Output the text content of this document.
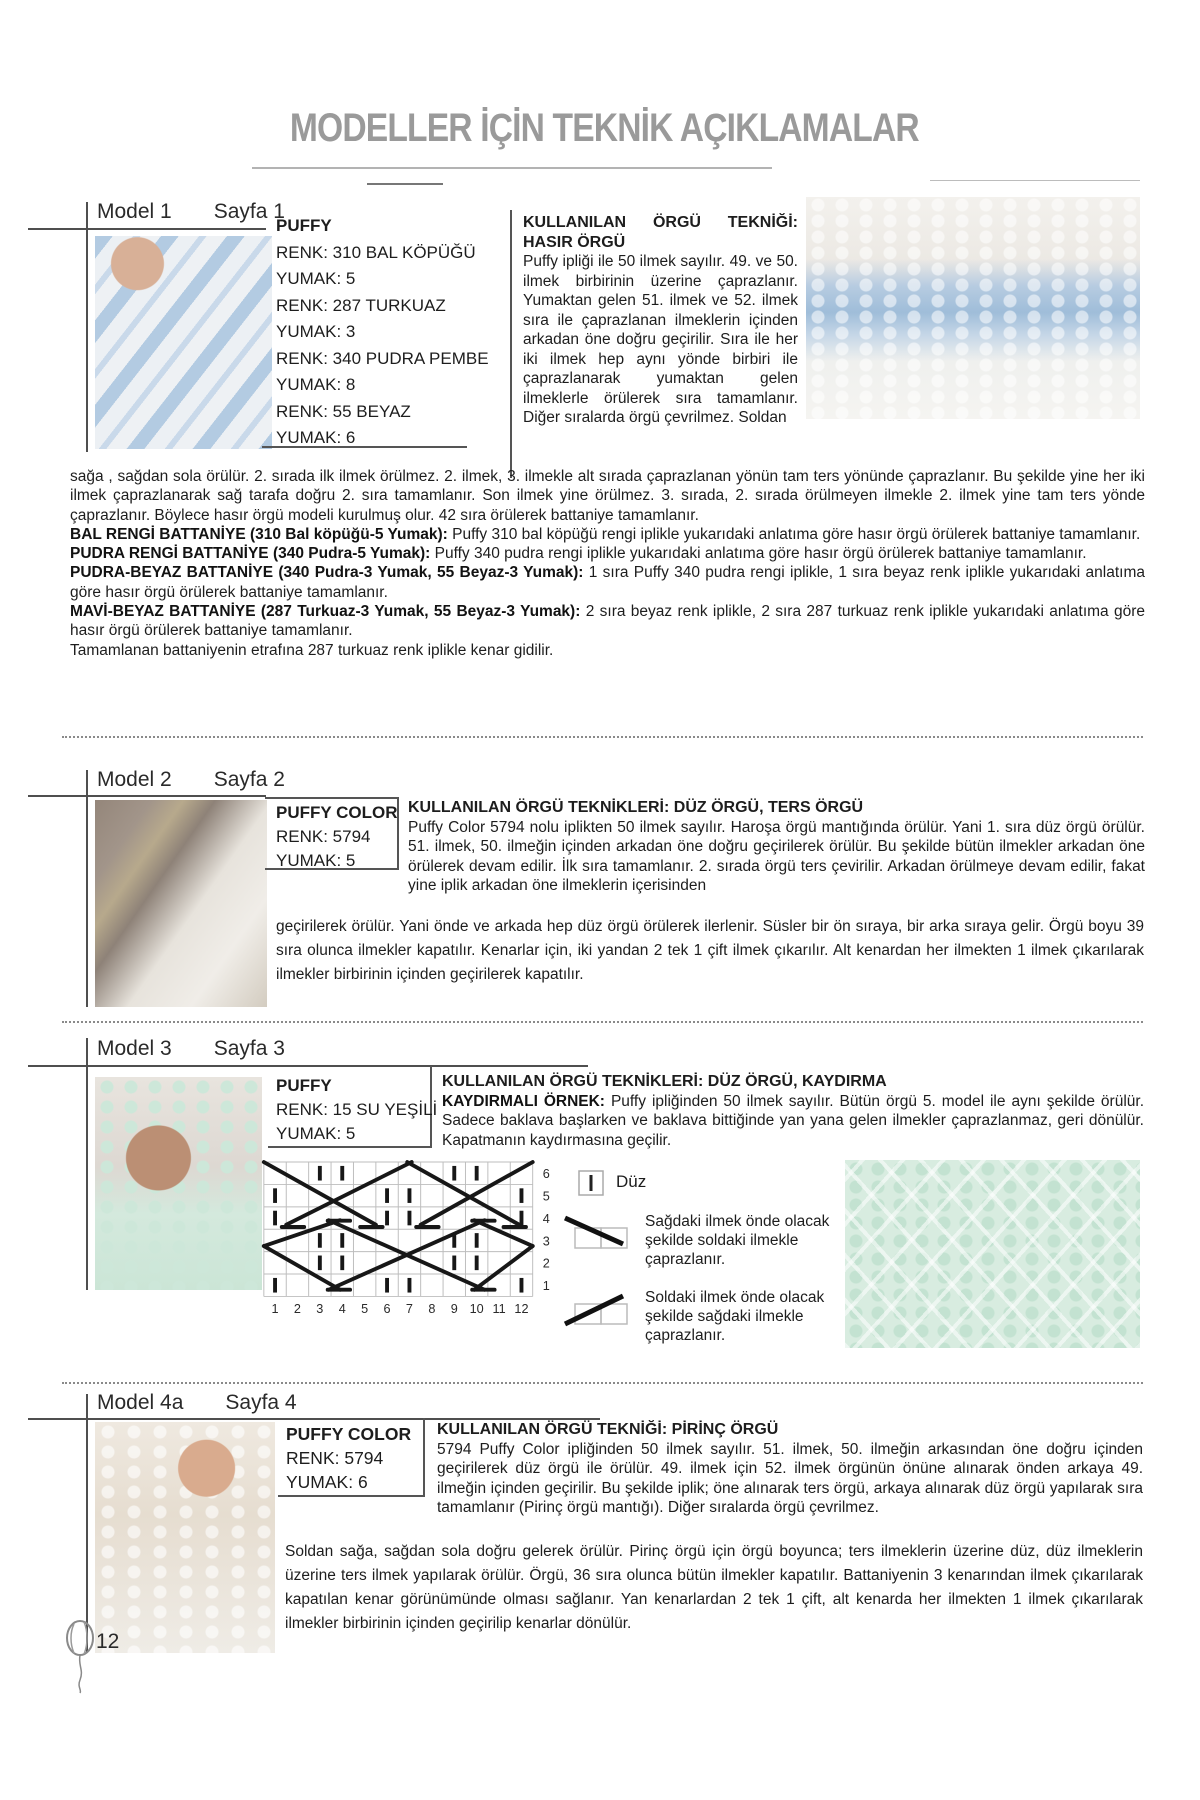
MODELLER İÇİN TEKNİK AÇIKLAMALAR
Model 1 Sayfa 1
PUFFY
RENK: 310 BAL KÖPÜĞÜ
YUMAK: 5
RENK: 287 TURKUAZ
YUMAK: 3
RENK: 340 PUDRA PEMBE
YUMAK: 8
RENK: 55 BEYAZ
YUMAK: 6
KULLANILAN ÖRGÜ TEKNİĞİ: HASIR ÖRGÜ
Puffy ipliği ile 50 ilmek sayılır. 49. ve 50. ilmek birbirinin üzerine çaprazlanır. Yumaktan gelen 51. ilmek ve 52. ilmek sıra ile çaprazlanan ilmeklerin içinden arkadan öne doğru geçirilir. Sıra ile her iki ilmek hep aynı yönde birbiri ile çaprazlanarak yumaktan gelen ilmeklerle örülerek sıra tamamlanır. Diğer sıralarda örgü çevrilmez. Soldan

sağa , sağdan sola örülür. 2. sırada ilk ilmek örülmez. 2. ilmek, 3. ilmekle alt sırada çaprazlanan yönün tam ters yönünde çaprazlanır. Bu şekilde yine her iki ilmek çaprazlanarak sağ tarafa doğru 2. sıra tamamlanır. Son ilmek yine örülmez. 3. sırada, 2. sırada örülmeyen ilmekle 2. ilmek yine tam ters yönde çaprazlanır. Böylece hasır örgü modeli kurulmuş olur. 42 sıra örülerek battaniye tamamlanır.

BAL RENGİ BATTANİYE (310 Bal köpüğü-5 Yumak): Puffy 310 bal köpüğü rengi iplikle yukarıdaki anlatıma göre hasır örgü örülerek battaniye tamamlanır.

PUDRA RENGİ BATTANİYE (340 Pudra-5 Yumak): Puffy 340 pudra rengi iplikle yukarıdaki anlatıma göre hasır örgü örülerek battaniye tamamlanır.

PUDRA-BEYAZ BATTANİYE (340 Pudra-3 Yumak, 55 Beyaz-3 Yumak): 1 sıra Puffy 340 pudra rengi iplikle, 1 sıra beyaz renk iplikle yukarıdaki anlatıma göre hasır örgü örülerek battaniye tamamlanır.

MAVİ-BEYAZ BATTANİYE (287 Turkuaz-3 Yumak, 55 Beyaz-3 Yumak): 2 sıra beyaz renk iplikle, 2 sıra 287 turkuaz renk iplikle yukarıdaki anlatıma göre hasır örgü örülerek battaniye tamamlanır.

Tamamlanan battaniyenin etrafına 287 turkuaz renk iplikle kenar gidilir.

Model 2 Sayfa 2
PUFFY COLOR
RENK: 5794
YUMAK: 5
KULLANILAN ÖRGÜ TEKNİKLERİ: DÜZ ÖRGÜ, TERS ÖRGÜ
Puffy Color 5794 nolu iplikten 50 ilmek sayılır. Haroşa örgü mantığında örülür. Yani 1. sıra düz örgü örülür. 51. ilmek, 50. ilmeğin içinden arkadan öne doğru geçirilerek örülür. Bu şekilde bütün ilmekler arkadan öne örülerek devam edilir. İlk sıra tamamlanır. 2. sırada örgü ters çevirilir. Arkadan örülmeye devam edilir, fakat yine iplik arkadan öne ilmeklerin içerisinden

geçirilerek örülür. Yani önde ve arkada hep düz örgü örülerek ilerlenir. Süsler bir ön sıraya, bir arka sıraya gelir. Örgü boyu 39 sıra olunca ilmekler kapatılır. Kenarlar için, iki yandan 2 tek 1 çift ilmek çıkarılır. Alt kenardan her ilmekten 1 ilmek çıkarılarak ilmekler birbirinin içinden geçirilerek kapatılır.

Model 3 Sayfa 3
PUFFY
RENK: 15 SU YEŞİLİ
YUMAK: 5
KULLANILAN ÖRGÜ TEKNİKLERİ: DÜZ ÖRGÜ, KAYDIRMA
KAYDIRMALI ÖRNEK: Puffy ipliğinden 50 ilmek sayılır. Bütün örgü 5. model ile aynı şekilde örülür. Sadece baklava başlarken ve baklava bittiğinde yan yana gelen ilmekler çaprazlanmaz, geri dönülür. Kapatmanın kaydırmasına geçilir.
1 2 3 4 5 6 7 8 9 10 11 12
1
2
3
4
5
6	Düz
Sağdaki ilmek önde olacak şekilde soldaki ilmekle çaprazlanır.
Soldaki ilmek önde olacak şekilde sağdaki ilmekle çaprazlanır.
Model 4a Sayfa 4
PUFFY COLOR
RENK: 5794
YUMAK: 6
KULLANILAN ÖRGÜ TEKNİĞİ: PİRİNÇ ÖRGÜ
5794 Puffy Color ipliğinden 50 ilmek sayılır. 51. ilmek, 50. ilmeğin arkasından öne doğru içinden geçirilerek düz örgü ile örülür. 49. ilmek için 52. ilmek örgünün önüne alınarak önden arkaya 49. ilmeğin içinden geçirilir. Bu şekilde iplik; öne alınarak ters örgü, arkaya alınarak düz örgü yapılarak sıra tamamlanır (Pirinç örgü mantığı). Diğer sıralarda örgü çevrilmez.

Soldan sağa, sağdan sola doğru gelerek örülür. Pirinç örgü için örgü boyunca; ters ilmeklerin üzerine düz, düz ilmeklerin üzerine ters ilmek yapılarak örülür. Örgü, 36 sıra olunca bütün ilmekler kapatılır. Battaniyenin 3 kenarından ilmek çıkarılarak kapatılan kenar görünümünde olması sağlanır. Yan kenarlardan 2 tek 1 çift, alt kenarda her ilmekten 1 ilmek çıkarılarak ilmekler birbirinin içinden geçirilip kenarlar dönülür.

12
